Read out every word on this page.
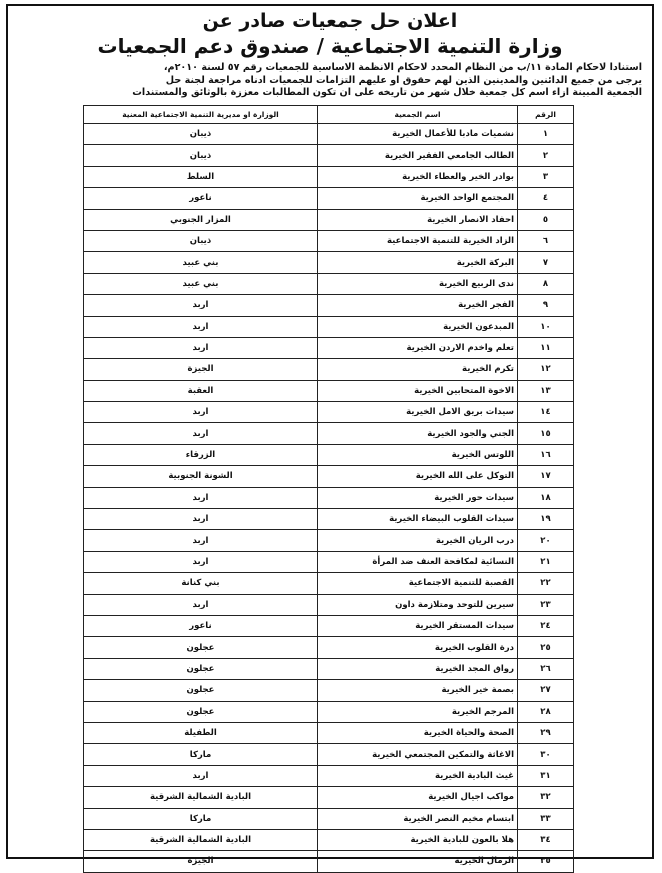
اعلان حل جمعيات صادر عن
وزارة التنمية الاجتماعية / صندوق دعم الجمعيات

استنادا لاحكام المادة ١١/ب من النظام المحدد لاحكام الانظمة الاساسية للجمعيات رقم ٥٧ لسنة ٢٠١٠م،

يرجى من جميع الدائنين والمدينين الذين لهم حقوق او عليهم التزامات للجمعيات ادناه مراجعة لجنة حل

الجمعية المبينة ازاء اسم كل جمعية خلال شهر من تاريخه على ان تكون المطالبات معززة بالوثائق والمستندات

الرقم	اسم الجمعية	الوزارة او مديرية التنمية الاجتماعية المعنية
١	نشميات مادبا للأعمال الخيرية	ذيبان
٢	الطالب الجامعي الفقير الخيرية	ذيبان
٣	بوادر الخير والعطاء الخيرية	السلط
٤	المجتمع الواحد الخيرية	ناعور
٥	احفاد الانصار الخيرية	المزار الجنوبي
٦	الزاد الخيرية للتنمية الاجتماعية	ذيبان
٧	البركة الخيرية	بني عبيد
٨	ندى الربيع الخيرية	بني عبيد
٩	الفجر الخيرية	اربد
١٠	المبدعون الخيرية	اربد
١١	تعلم واخدم الاردن الخيرية	اربد
١٢	تكرم الخيرية	الجيزة
١٣	الاخوة المتحابين الخيرية	العقبة
١٤	سيدات بريق الامل الخيرية	اربد
١٥	الجني والجود الخيرية	اربد
١٦	اللوتس الخيرية	الزرقاء
١٧	التوكل على الله الخيرية	الشونة الجنوبية
١٨	سيدات حور الخيرية	اربد
١٩	سيدات القلوب البيضاء الخيرية	اربد
٢٠	درب الريان الخيرية	اربد
٢١	النسائية لمكافحة العنف ضد المرأة	اربد
٢٢	القصبة للتنمية الاجتماعية	بني كنانة
٢٣	سيرين للتوحد ومتلازمة داون	اربد
٢٤	سيدات المستقر الخيرية	ناعور
٢٥	درة القلوب الخيرية	عجلون
٢٦	رواق المجد الخيرية	عجلون
٢٧	بصمة خير الخيرية	عجلون
٢٨	المرجم الخيرية	عجلون
٢٩	الصحة والحياة الخيرية	الطفيلة
٣٠	الاغاثة والتمكين المجتمعي الخيرية	ماركا
٣١	غيث البادية الخيرية	اربد
٣٢	مواكب اجيال الخيرية	البادية الشمالية الشرقية
٣٣	ابتسام مخيم النصر الخيرية	ماركا
٣٤	هلا بالعون للبادية الخيرية	البادية الشمالية الشرقية
٣٥	الرمال الخيرية	الجيزة
